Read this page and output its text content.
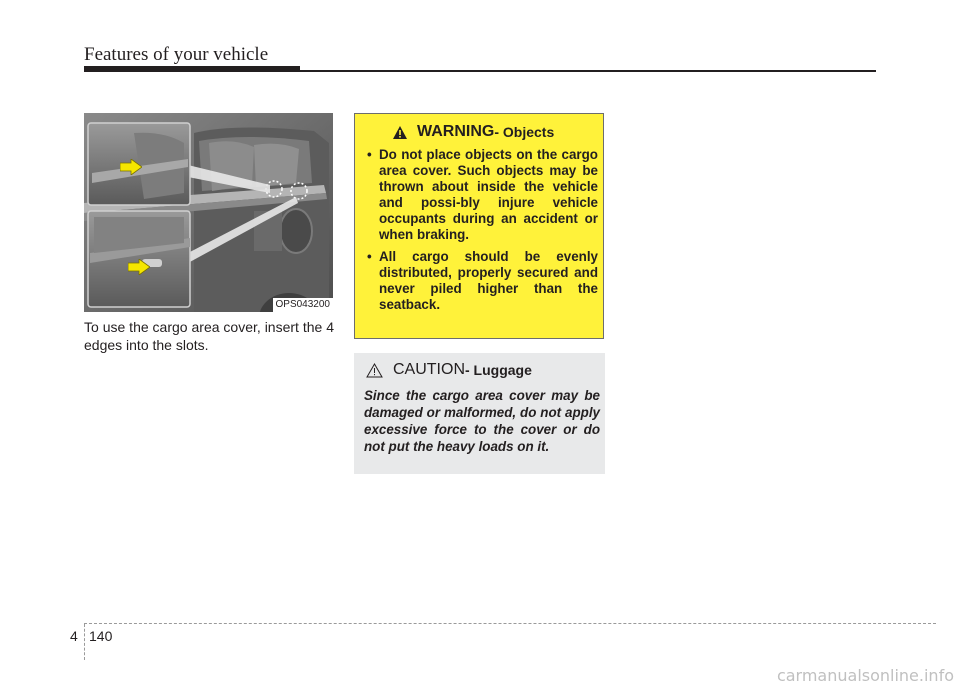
Features of your vehicle
OPS043200

To use the cargo area cover, insert the 4 edges into the slots.

WARNING - Objects
• Do not place objects on the cargo area cover. Such objects may be thrown about inside the vehicle and possi-bly injure vehicle occupants during an accident or when braking.
• All cargo should be evenly distributed, properly secured and never piled higher than the seatback.
CAUTION - Luggage

Since the cargo area cover may be damaged or malformed, do not apply excessive force to the cover or do not put the heavy loads on it.

4 140
carmanualsonline.info
